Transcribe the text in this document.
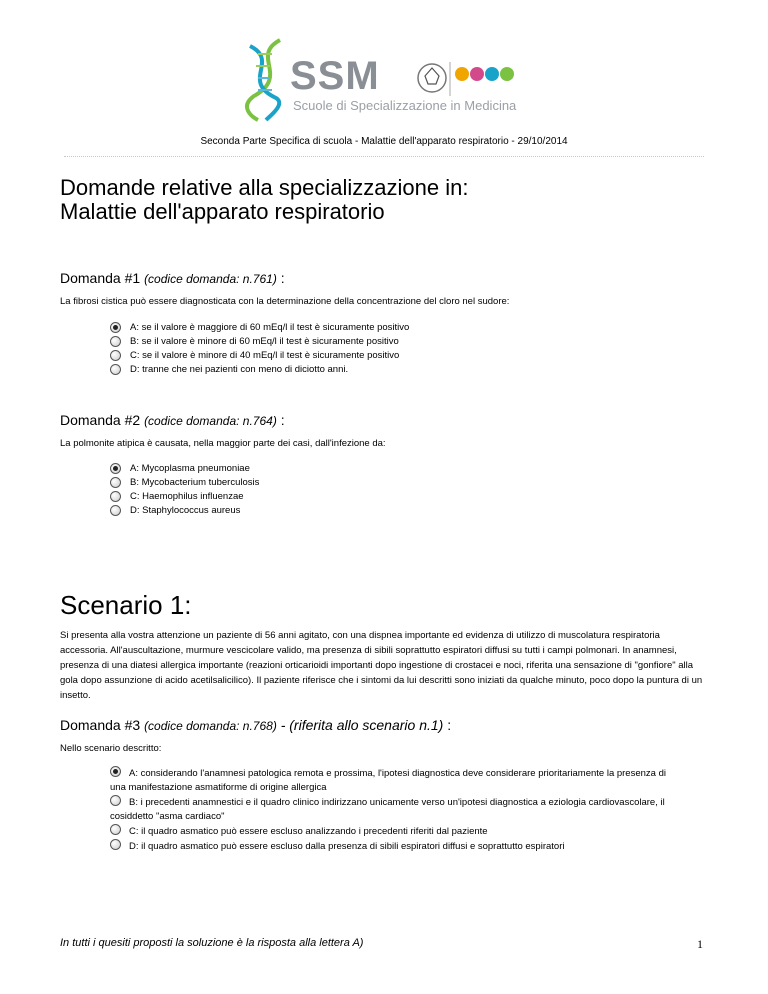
SSM
Scuole di Specializzazione in Medicina
Seconda Parte Specifica di scuola - Malattie dell'apparato respiratorio - 29/10/2014
Domande relative alla specializzazione in:
Malattie dell'apparato respiratorio
Domanda #1 (codice domanda: n.761) :
La fibrosi cistica può essere diagnosticata con la determinazione della concentrazione del cloro nel sudore:
A: se il valore è maggiore di 60 mEq/l il test è sicuramente positivo
B: se il valore è minore di 60 mEq/l il test è sicuramente positivo
C: se il valore è minore di 40 mEq/l il test è sicuramente positivo
D: tranne che nei pazienti con meno di diciotto anni.
Domanda #2 (codice domanda: n.764) :
La polmonite atipica è causata, nella maggior parte dei casi, dall'infezione da:
A: Mycoplasma pneumoniae
B: Mycobacterium tuberculosis
C: Haemophilus influenzae
D: Staphylococcus aureus
Scenario 1:
Si presenta alla vostra attenzione un paziente di 56 anni agitato, con una dispnea importante ed evidenza di utilizzo di muscolatura respiratoria accessoria. All'auscultazione, murmure vescicolare valido, ma presenza di sibili soprattutto espiratori diffusi su tutti i campi polmonari. In anamnesi, presenza di una diatesi allergica importante (reazioni orticarioidi importanti dopo ingestione di crostacei e noci, riferita una sensazione di "gonfiore" alla gola dopo assunzione di acido acetilsalicilico). Il paziente riferisce che i sintomi da lui descritti sono iniziati da qualche minuto, poco dopo la puntura di un insetto.
Domanda #3 (codice domanda: n.768) - (riferita allo scenario n.1) :
Nello scenario descritto:
A: considerando l'anamnesi patologica remota e prossima, l'ipotesi diagnostica deve considerare prioritariamente la presenza di una manifestazione asmatiforme di origine allergica
B: i precedenti anamnestici e il quadro clinico indirizzano unicamente verso un'ipotesi diagnostica a eziologia cardiovascolare, il cosiddetto "asma cardiaco"
C: il quadro asmatico può essere escluso analizzando i precedenti riferiti dal paziente
D: il quadro asmatico può essere escluso dalla presenza di sibili espiratori diffusi e soprattutto espiratori
In tutti i quesiti proposti la soluzione è la risposta alla lettera A)	1
